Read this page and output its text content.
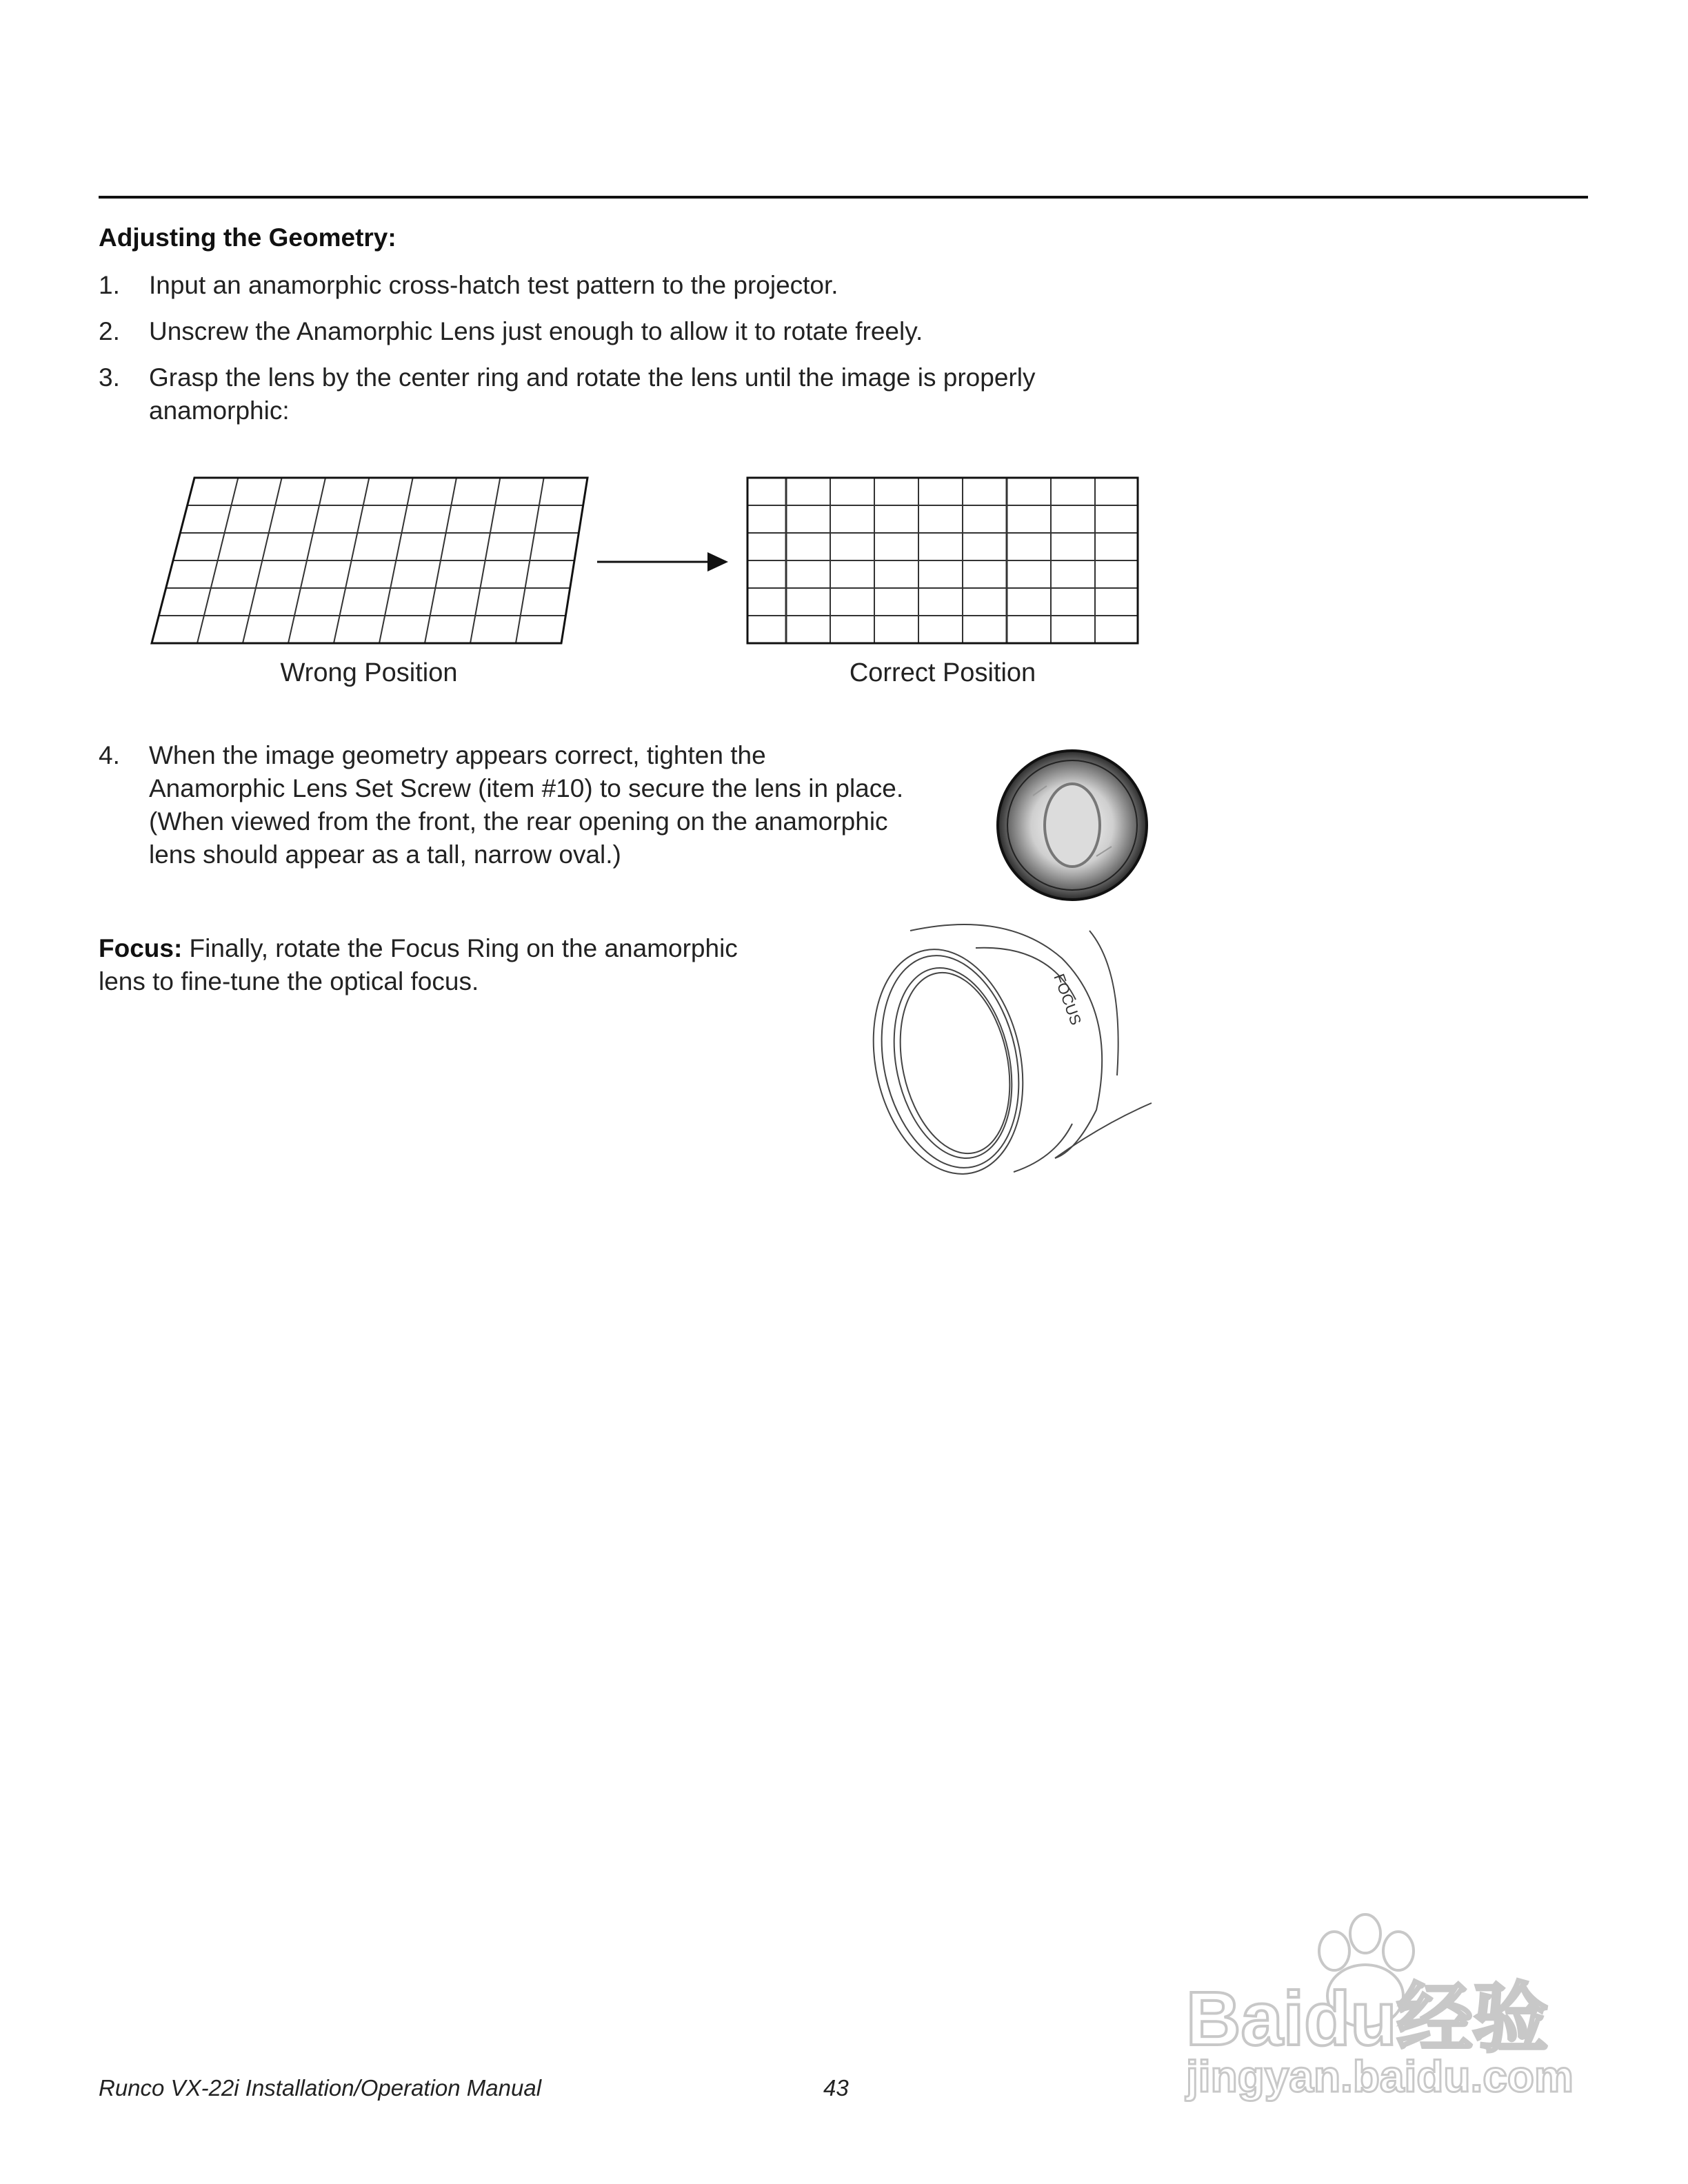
Adjusting the Geometry:
1. Input an anamorphic cross-hatch test pattern to the projector.
2. Unscrew the Anamorphic Lens just enough to allow it to rotate freely.
3. Grasp the lens by the center ring and rotate the lens until the image is properly
anamorphic:
Wrong Position	Correct Position
4. When the image geometry appears correct, tighten the
Anamorphic Lens Set Screw (item #10) to secure the lens in place.
(When viewed from the front, the rear opening on the anamorphic
lens should appear as a tall, narrow oval.)
Focus: Finally, rotate the Focus Ring on the anamorphic
lens to fine-tune the optical focus.	FOCUS
Runco VX-22i Installation/Operation Manual	43
Baidu经验
jingyan.baidu.com
